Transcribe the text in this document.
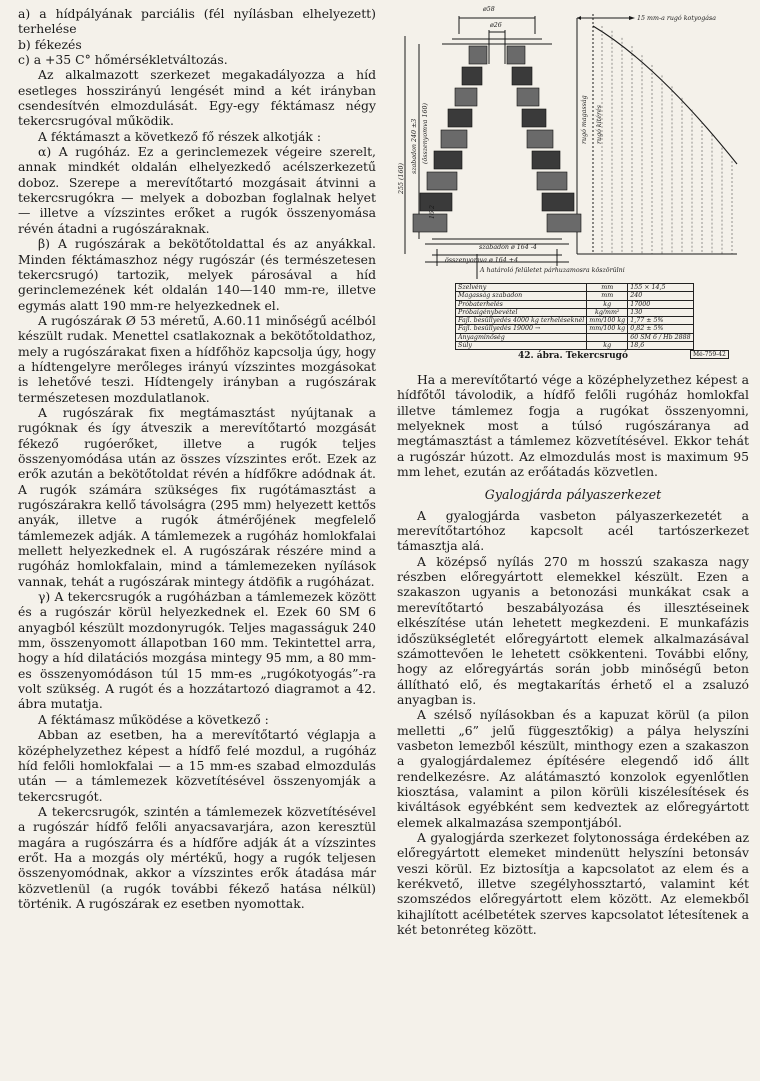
a) a hídpályának parciális (fél nyílásban elhelyezett) terhelése

b) fékezés

c) a +35 C° hőmérsékletváltozás.

Az alkalmazott szerkezet megakadályozza a híd esetleges hosszirányú lengését mind a két irányban csendesítvén elmozdulását. Egy-egy féktámasz négy tekercsrugóval működik.

A féktámaszt a következő fő részek alkotják :

α) A rugóház. Ez a gerinclemezek végeire szerelt, annak mindkét oldalán elhelyezkedő acélszerkezetű doboz. Szerepe a merevítőtartó mozgásait átvinni a tekercsrugókra — melyek a dobozban foglalnak helyet — illetve a vízszintes erőket a rugók összenyomása révén átadni a rugószáraknak.

β) A rugószárak a bekötőtoldattal és az anyákkal. Minden féktámaszhoz négy rugószár (és természetesen tekercsrugó) tartozik, melyek párosával a híd gerinclemezének két oldalán 140—140 mm-re, illetve egymás alatt 190 mm-re helyezkednek el.

A rugószárak Ø 53 méretű, A.60.11 minőségű acélból készült rudak. Menettel csatlakoznak a bekötőtoldathoz, mely a rugószárakat fixen a hídfőhöz kapcsolja úgy, hogy a hídtengelyre merőleges irányú vízszintes mozgásokat is lehetővé teszi. Hídtengely irányban a rugószárak természetesen mozdulatlanok.

A rugószárak fix megtámasztást nyújtanak a rugóknak és így átveszik a merevítőtartó mozgását fékező rugóerőket, illetve a rugók teljes összenyomódása után az összes vízszintes erőt. Ezek az erők azután a bekötőtoldat révén a hídfőkre adódnak át. A rugók számára szükséges fix rugótámasztást a rugószárakra kellő távolságra (295 mm) helyezett kettős anyák, illetve a rugók átmérőjének megfelelő támlemezek adják. A támlemezek a rugóház homlokfalai mellett helyezkednek el. A rugószárak részére mind a rugóház homlokfalain, mind a támlemezeken nyílások vannak, tehát a rugószárak mintegy átdöfik a rugóházat.

γ) A tekercsrugók a rugóházban a támlemezek között és a rugószár körül helyezkednek el. Ezek 60 SM 6 anyagból készült mozdonyrugók. Teljes magasságuk 240 mm, összenyomott állapotban 160 mm. Tekintettel arra, hogy a híd dilatációs mozgása mintegy 95 mm, a 80 mm-es összenyomódáson túl 15 mm-es „rugókotyogás”-ra volt szükség. A rugót és a hozzátartozó diagramot a 42. ábra mutatja.

A féktámasz működése a következő :

Abban az esetben, ha a merevítőtartó véglapja a középhelyzethez képest a hídfő felé mozdul, a rugóház híd felőli homlokfalai — a 15 mm-es szabad elmozdulás után — a támlemezek közvetítésével összenyomják a tekercsrugót.

A tekercsrugók, szintén a támlemezek közvetítésével a rugószár hídfő felőli anyacsavarjára, azon keresztül magára a rugószárra és a hídfőre adják át a vízszintes erőt. Ha a mozgás oly mértékű, hogy a rugók teljesen összenyomódnak, akkor a vízszintes erők átadása már közvetlenül (a rugók további fékező hatása nélkül) történik. A rugószárak ez esetben nyomottak.

ø58
ø26
15 mm-a rugó kotyogása
255 (160)
szabadon 240 ±3 (összenyomva 160)
16 2
rugó magasság rugó kitérés
szabadon ø 164 -4
összenyomva ø 164 +4
A határoló felületet párhuzamosra köszörülni
Szelvény	mm	155 × 14,5
Magasság szabadon	mm	240
Próbaterhelés	kg	17000
Próbaigénybevétel	kg/mm²	130
Fajl. besüllyedés 4000 kg terheléseknél	mm/100 kg	1,77 ± 5%
Fajl. besüllyedés 19000 →	mm/100 kg	0,82 ± 5%
Anyagminőség		60 SM 6 / Hb 2888
Súly	kg	18,6
Mé-759-42
42. ábra. Tekercsrugó

Ha a merevítőtartó vége a középhelyzethez képest a hídfőtől távolodik, a hídfő felőli rugóház homlokfal illetve támlemez fogja a rugókat összenyomni, melyeknek most a túlsó rugószáranya ad megtámasztást a támlemez közvetítésével. Ekkor tehát a rugószár húzott. Az elmozdulás most is maximum 95 mm lehet, ezután az erőátadás közvetlen.

Gyalogjárda pályaszerkezet

A gyalogjárda vasbeton pályaszerkezetét a merevítőtartóhoz kapcsolt acél tartószerkezet támasztja alá.

A középső nyílás 270 m hosszú szakasza nagy részben előregyártott elemekkel készült. Ezen a szakaszon ugyanis a betonozási munkákat csak a merevítőtartó beszabályozása és illesztéseinek elkészítése után lehetett megkezdeni. E munkafázis időszükségletét előregyártott elemek alkalmazásával számottevően le lehetett csökkenteni. További előny, hogy az előregyártás során jobb minőségű beton állítható elő, és megtakarítás érhető el a zsaluzó anyagban is.

A szélső nyílásokban és a kapuzat körül (a pilon melletti „6” jelű függesztőkig) a pálya helyszíni vasbeton lemezből készült, minthogy ezen a szakaszon a gyalogjárdalemez építésére elegendő idő állt rendelkezésre. Az alátámasztó konzolok egyenlőtlen kiosztása, valamint a pilon körüli kiszélesítések és kiváltások egyébként sem kedveztek az előregyártott elemek alkalmazása szempontjából.

A gyalogjárda szerkezet folytonossága érdekében az előregyártott elemeket mindenütt helyszíni betonsáv veszi körül. Ez biztosítja a kapcsolatot az elem és a kerékvető, illetve szegélyhossztartó, valamint két szomszédos előregyártott elem között. Az elemekből kihajlított acélbetétek szerves kapcsolatot létesítenek a két betonréteg között.
